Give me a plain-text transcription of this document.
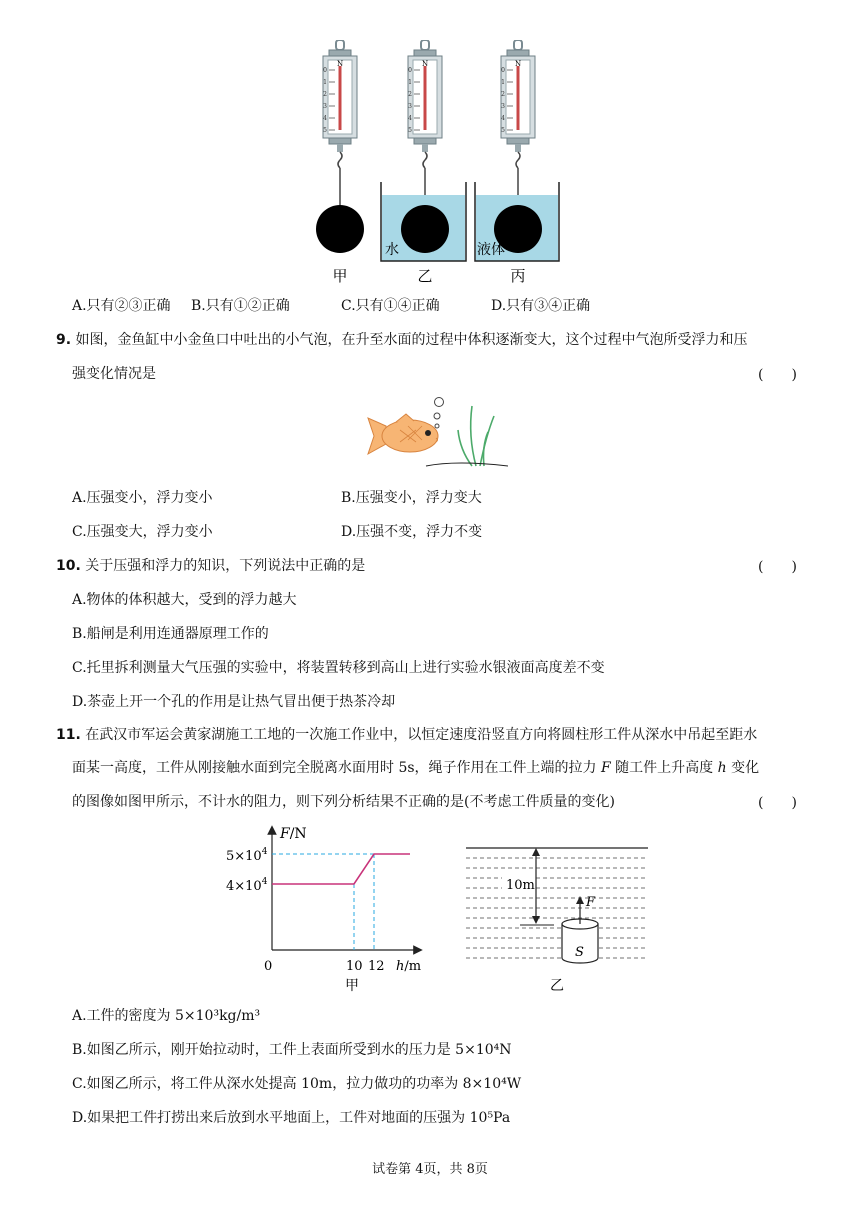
N	N	N
0
1
2
3
4
5
0
1
2
3
4
5
0
1
2
3
4
5
水	液体
甲	乙	丙
A.只有②③正确 B.只有①②正确	C.只有①④正确	D.只有③④正确
9. 如图，金鱼缸中小金鱼口中吐出的小气泡，在升至水面的过程中体积逐渐变大，这个过程中气泡所受浮力和压
强变化情况是	(　　)
A.压强变小，浮力变小	B.压强变小，浮力变大
C.压强变大，浮力变小	D.压强不变，浮力不变
10. 关于压强和浮力的知识，下列说法中正确的是	(　　)
A.物体的体积越大，受到的浮力越大
B.船闸是利用连通器原理工作的
C.托里拆利测量大气压强的实验中，将装置转移到高山上进行实验水银液面高度差不变
D.茶壶上开一个孔的作用是让热气冒出便于热茶冷却
11. 在武汉市军运会黄家湖施工工地的一次施工作业中，以恒定速度沿竖直方向将圆柱形工件从深水中吊起至距水
面某一高度，工件从刚接触水面到完全脱离水面用时 5s，绳子作用在工件上端的拉力 F 随工件上升高度 h 变化
的图像如图甲所示，不计水的阻力，则下列分析结果不正确的是(不考虑工件质量的变化)	(　　)
F/N
$5\times 10^4$
$4\times 10^4$
0	10 12 h/m
甲
10m
F
S
乙
A.工件的密度为 5×10³kg/m³
B.如图乙所示，刚开始拉动时，工件上表面所受到水的压力是 5×10⁴N
C.如图乙所示，将工件从深水处提高 10m，拉力做功的功率为 8×10⁴W
D.如果把工件打捞出来后放到水平地面上，工件对地面的压强为 10⁵Pa
试卷第 4页，共 8页
